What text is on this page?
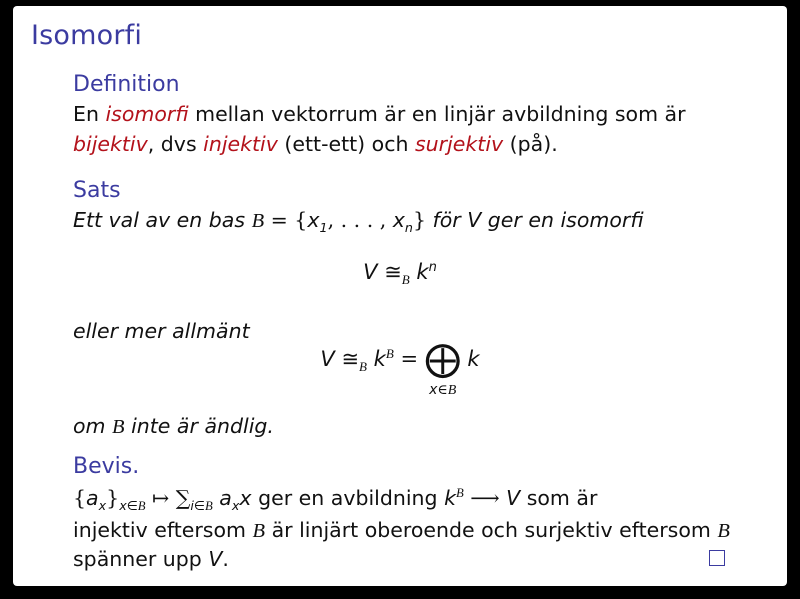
Isomorfi
Definition
En isomorfi mellan vektorrum är en linjär avbildning som är
bijektiv, dvs injektiv (ett-ett) och surjektiv (på).
Sats
Ett val av en bas $B = \{x_1$, . . . , $x_n$} för V ger en isomorfi
V $≅_B$ $k^n$
eller mer allmänt
V $≅_B$ $k^B$ = ⨁
x∈B
k
om B inte är ändlig.
Bevis.
$\{a_x\}_{x\in B}$ ↦ $\sum_{i\in B}$ $a_xx$ ger en avbildning $k^B$ ⟶ V som är
injektiv eftersom B är linjärt oberoende och surjektiv eftersom B
spänner upp V.
